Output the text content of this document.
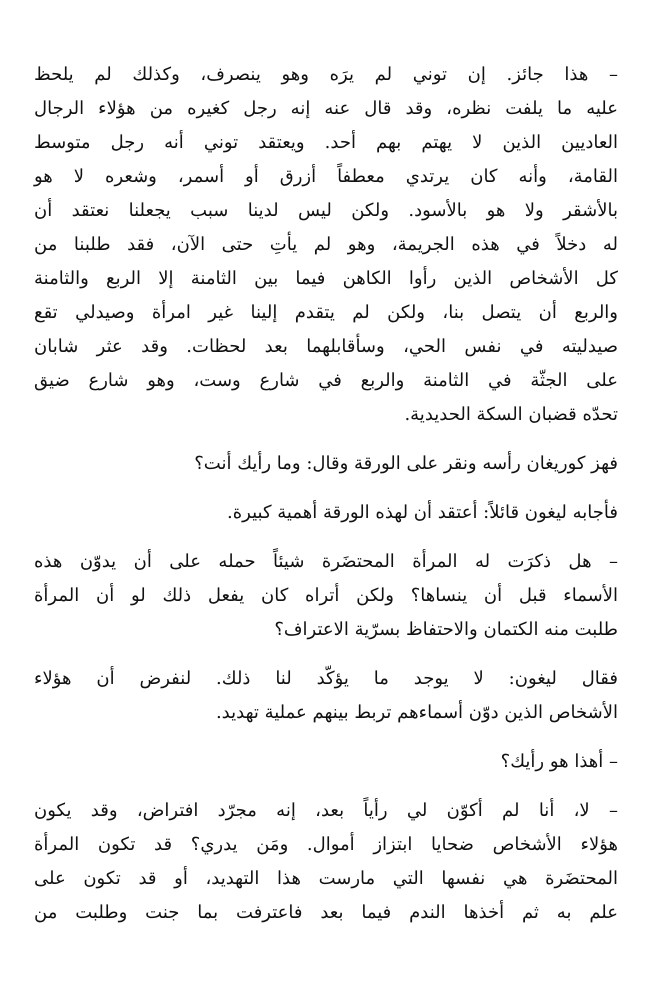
– هذا جائز. إن توني لم يرَه وهو ينصرف، وكذلك لم يلحظ
عليه ما يلفت نظره، وقد قال عنه إنه رجل كغيره من هؤلاء الرجال
العاديين الذين لا يهتم بهم أحد. ويعتقد توني أنه رجل متوسط
القامة، وأنه كان يرتدي معطفاً أزرق أو أسمر، وشعره لا هو
بالأشقر ولا هو بالأسود. ولكن ليس لدينا سبب يجعلنا نعتقد أن
له دخلاً في هذه الجريمة، وهو لم يأتِ حتى الآن، فقد طلبنا من
كل الأشخاص الذين رأوا الكاهن فيما بين الثامنة إلا الربع والثامنة
والربع أن يتصل بنا، ولكن لم يتقدم إلينا غير امرأة وصيدلي تقع
صيدليته في نفس الحي، وسأقابلهما بعد لحظات. وقد عثر شابان
على الجثّة في الثامنة والربع في شارع وست، وهو شارع ضيق
تحدّه قضبان السكة الحديدية.
فهز كوريغان رأسه ونقر على الورقة وقال: وما رأيك أنت؟
فأجابه ليغون قائلاً: أعتقد أن لهذه الورقة أهمية كبيرة.
– هل ذكرَت له المرأة المحتضَرة شيئاً حمله على أن يدوّن هذه
الأسماء قبل أن ينساها؟ ولكن أتراه كان يفعل ذلك لو أن المرأة
طلبت منه الكتمان والاحتفاظ بسرّية الاعتراف؟
فقال ليغون: لا يوجد ما يؤكّد لنا ذلك. لنفرض أن هؤلاء
الأشخاص الذين دوّن أسماءهم تربط بينهم عملية تهديد.
– أهذا هو رأيك؟
– لا، أنا لم أكوّن لي رأياً بعد، إنه مجرّد افتراض، وقد يكون
هؤلاء الأشخاص ضحايا ابتزاز أموال. ومَن يدري؟ قد تكون المرأة
المحتضَرة هي نفسها التي مارست هذا التهديد، أو قد تكون على
علم به ثم أخذها الندم فيما بعد فاعترفت بما جنت وطلبت من
